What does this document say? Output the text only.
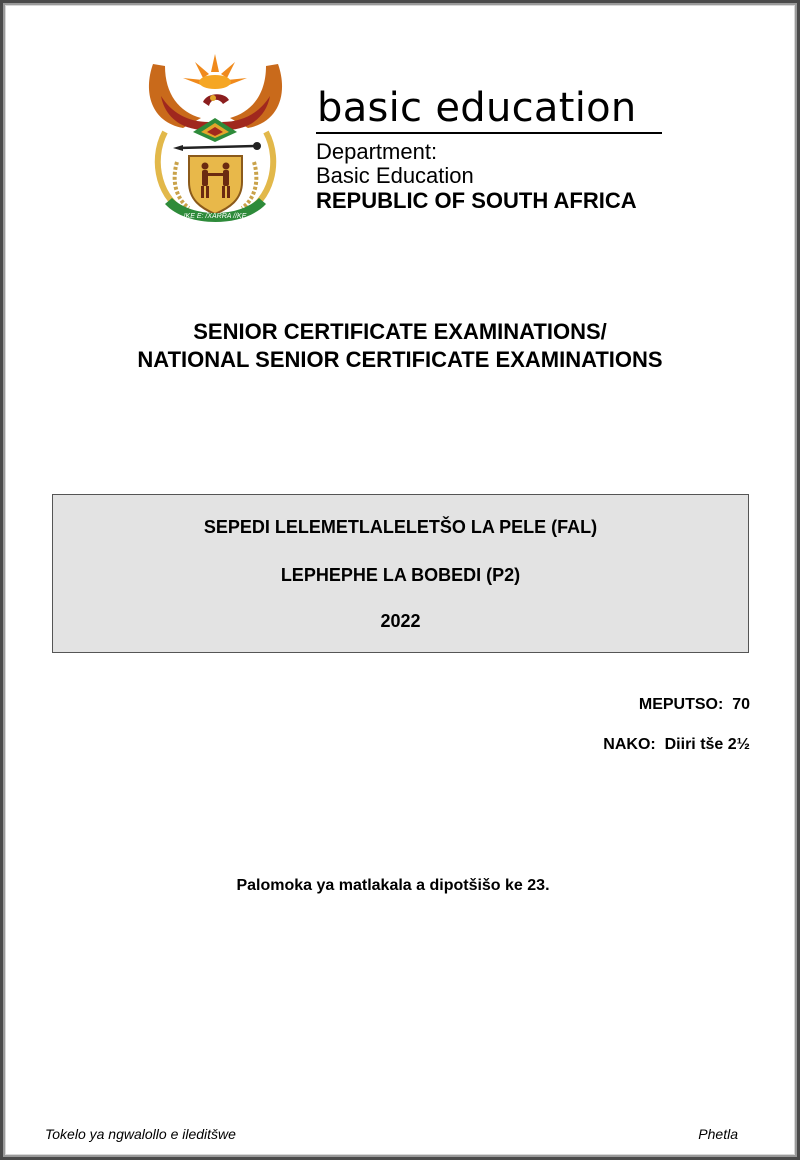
!KE E: /XARRA //KE
basic education
Department:
Basic Education
REPUBLIC OF SOUTH AFRICA
SENIOR CERTIFICATE EXAMINATIONS/
NATIONAL SENIOR CERTIFICATE EXAMINATIONS
SEPEDI LELEMETLALELETŠO LA PELE (FAL)
LEPHEPHE LA BOBEDI (P2)
2022
MEPUTSO: 70
NAKO: Diiri tše 2½
Palomoka ya matlakala a dipotšišo ke 23.
Tokelo ya ngwalollo e ileditšwe	Phetla
